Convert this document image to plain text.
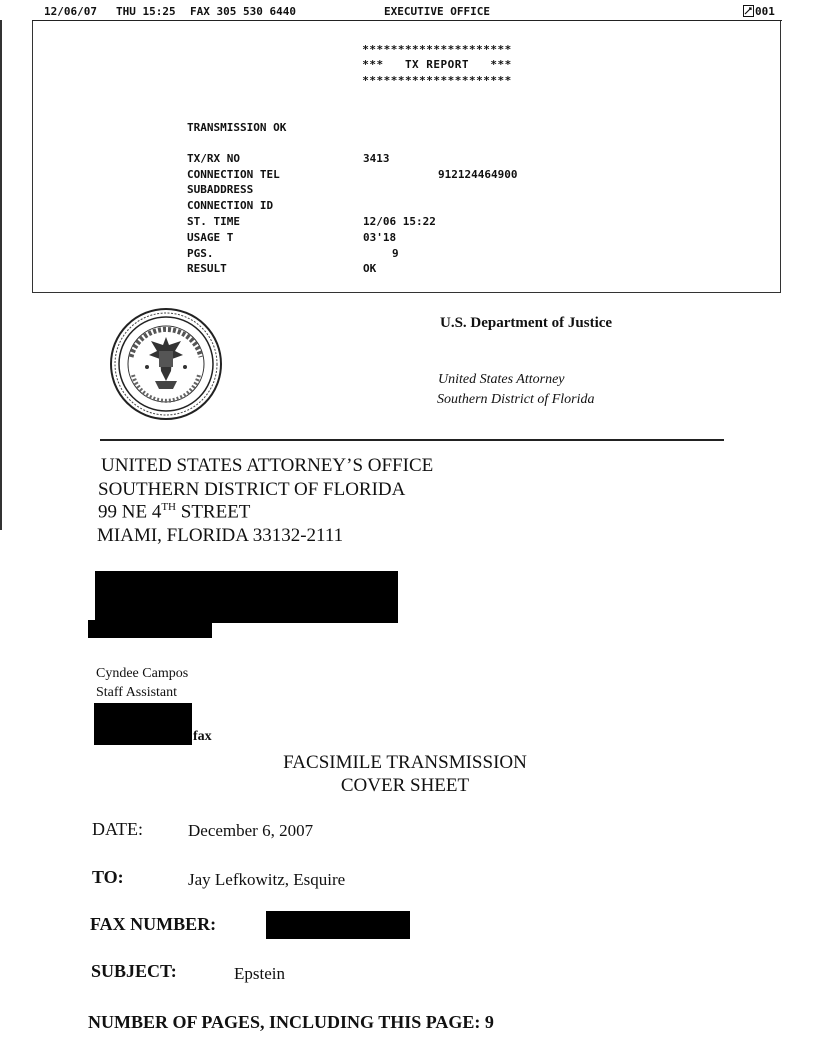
12/06/07 THU 15:25 FAX 305 530 6440	EXECUTIVE OFFICE	001
*********************
***   TX REPORT   ***
*********************
TRANSMISSION OK
TX/RX NO	3413
CONNECTION TEL	912124464900
SUBADDRESS
CONNECTION ID
ST. TIME	12/06 15:22
USAGE T	03'18
PGS.	9
RESULT	OK
U.S. Department of Justice
United States Attorney
Southern District of Florida
UNITED STATES ATTORNEY’S OFFICE
SOUTHERN DISTRICT OF FLORIDA
99 NE 4TH STREET
MIAMI, FLORIDA 33132-2111
Cyndee Campos
Staff Assistant
fax
FACSIMILE TRANSMISSION
COVER SHEET
DATE:	December 6, 2007
TO:	Jay Lefkowitz, Esquire
FAX NUMBER:
SUBJECT:	Epstein
NUMBER OF PAGES, INCLUDING THIS PAGE: 9
